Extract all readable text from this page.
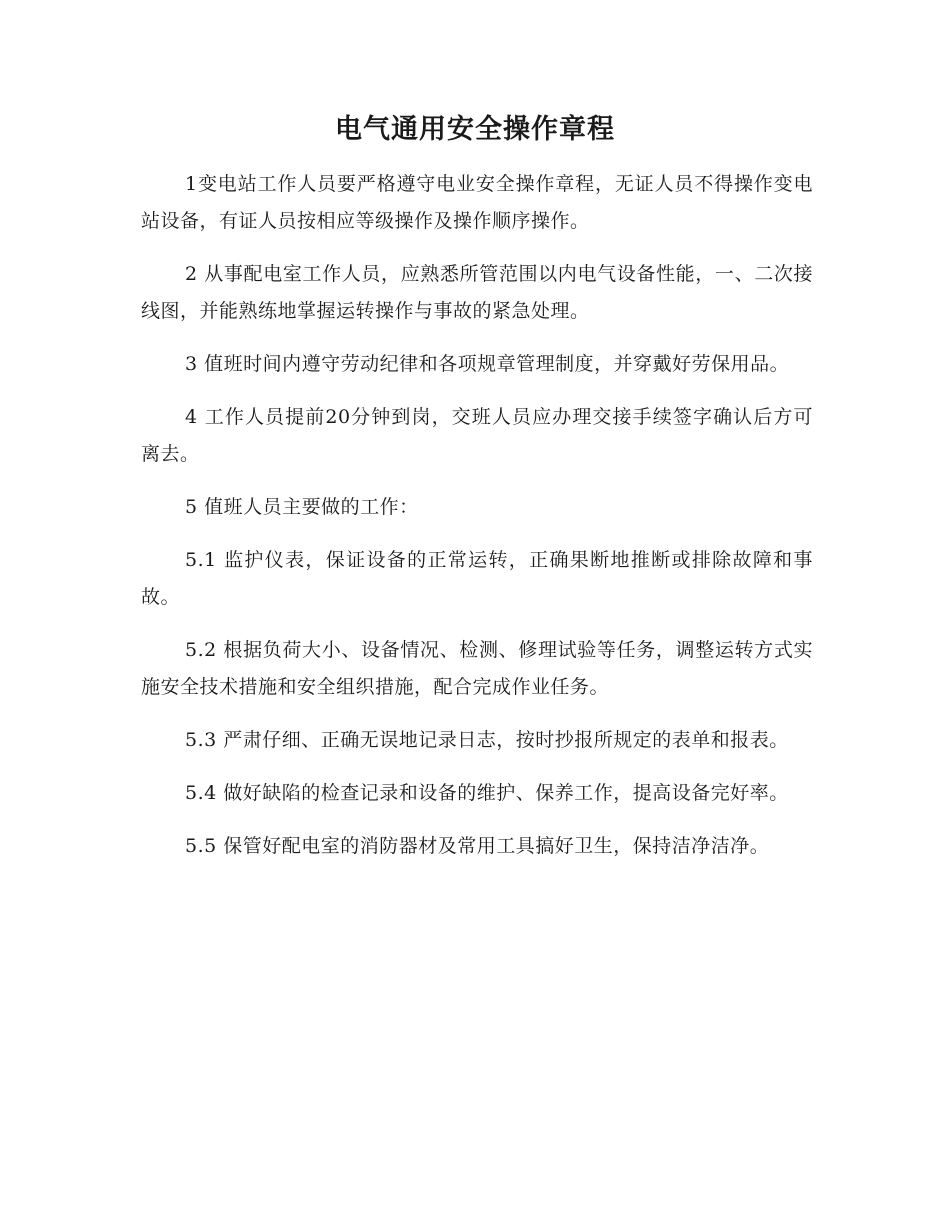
电气通用安全操作章程

1变电站工作人员要严格遵守电业安全操作章程，无证人员不得操作变电站设备，有证人员按相应等级操作及操作顺序操作。

2 从事配电室工作人员，应熟悉所管范围以内电气设备性能，一、二次接线图，并能熟练地掌握运转操作与事故的紧急处理。

3 值班时间内遵守劳动纪律和各项规章管理制度，并穿戴好劳保用品。

4 工作人员提前20分钟到岗，交班人员应办理交接手续签字确认后方可离去。

5 值班人员主要做的工作：

5.1 监护仪表，保证设备的正常运转，正确果断地推断或排除故障和事故。

5.2 根据负荷大小、设备情况、检测、修理试验等任务，调整运转方式实施安全技术措施和安全组织措施，配合完成作业任务。

5.3 严肃仔细、正确无误地记录日志，按时抄报所规定的表单和报表。

5.4 做好缺陷的检查记录和设备的维护、保养工作，提高设备完好率。

5.5 保管好配电室的消防器材及常用工具搞好卫生，保持洁净洁净。
